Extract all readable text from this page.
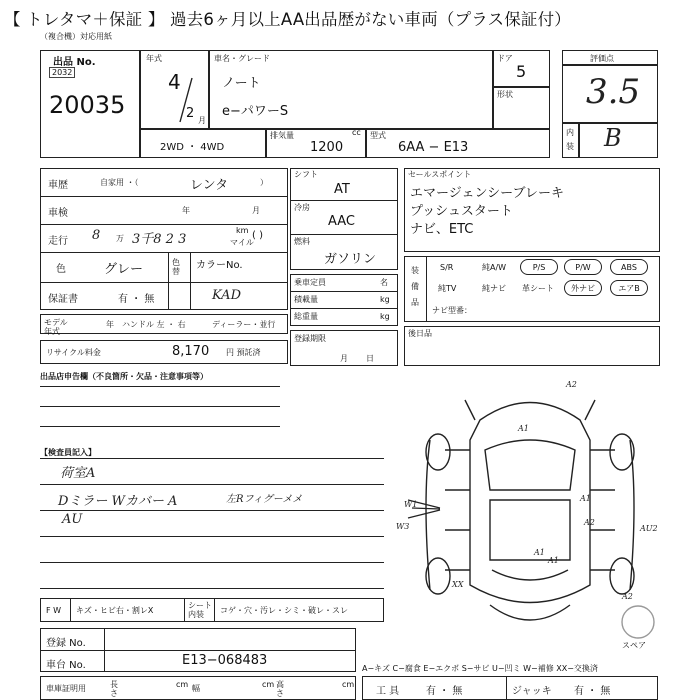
【 トレタマ＋保証 】 過去6ヶ月以上AA出品歴がない車両（プラス保証付）
（複合機）対応用紙
出品 No.
2032
20035
年式
4
2 月
車名・グレード
ノート
e−パワーS
ドア
5
形状
2WD ・ 4WD
排気量	cc
1200
型式
6AA − E13
評価点
3.5
内
装 B
車歴	自家用 ・（	レンタ	）
車検	年	月
走行 8 万 3千8 2 3
km
マイル
( )
色	グレー	色替
カラーNo.
KAD
保証書	有 ・ 無
モデル年式
年 ハンドル 左 ・ 右	ディーラー・並行
リサイクル料金	8,170 円 預託済
シフト
AT
冷房
AAC
燃料
ガソリン
乗車定員	名
積載量	kg
総重量	kg
登録期限
月日
セールスポイント
エマージェンシーブレーキ
プッシュスタート
ナビ、ETC
装
備
品
S/R	純A/W	P/S	P/W	ABS
純TV	純ナビ 革シート	外ナビ	エアB
ナビ型番：
後日品
出品店申告欄（不良箇所・欠品・注意事項等）
【検査員記入】
荷室A
Dミラー Wカバー A
AU
左Rフィグーメメ
A2
A1
A1
A2
A1
A1
A2
W1
W3
XX
AU2
スペア
F W キズ・ヒビ右・割レX
シート内装	コゲ・穴・汚レ・シミ・破レ・スレ
登録 No.
車台 No.	E13−068483
車庫証明用	長さ
cm 幅	cm 高さ
cm
A−キズ C−腐食 E−エクボ S−サビ U−凹ミ W−補修 XX−交換済
工 具	有 ・ 無	ジャッキ 有 ・ 無
